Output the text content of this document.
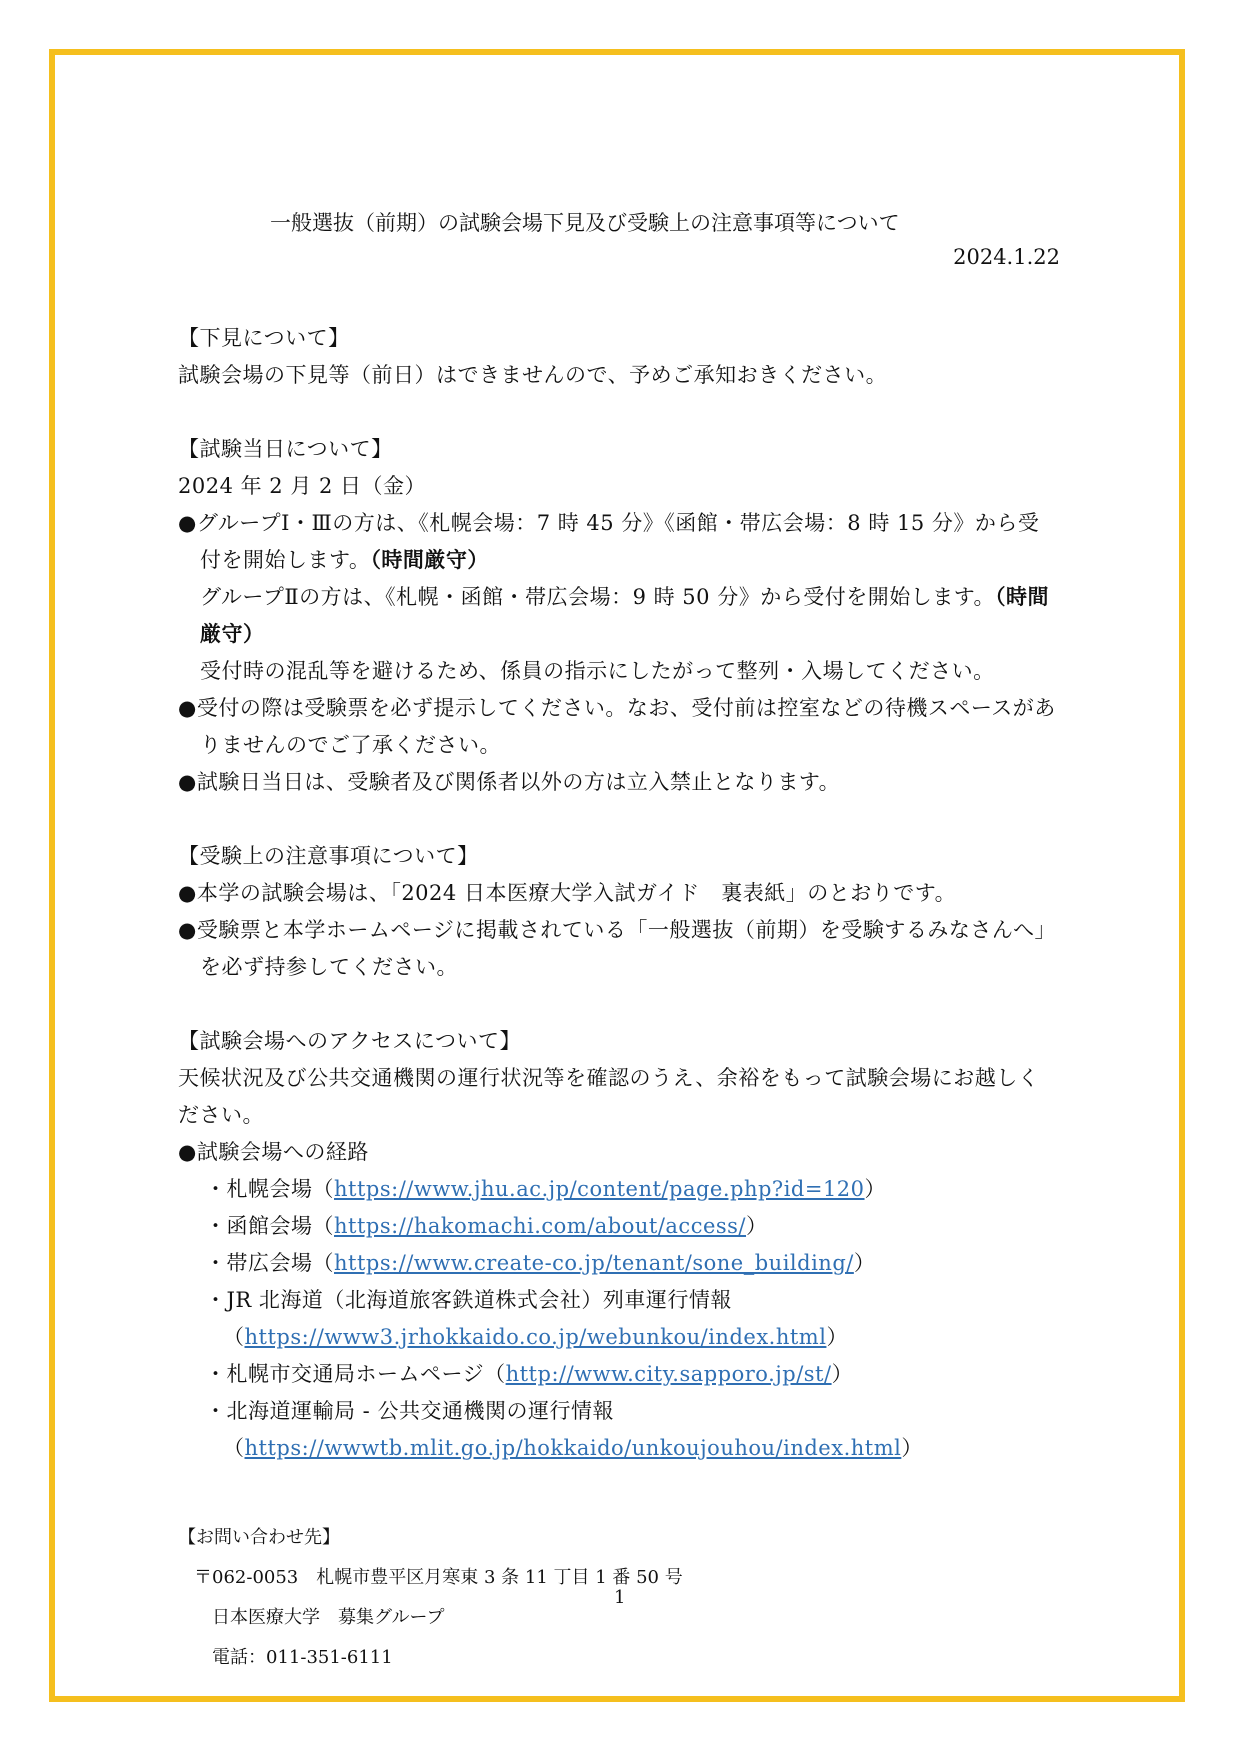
一般選抜（前期）の試験会場下見及び受験上の注意事項等について
2024.1.22

【下見について】

試験会場の下見等（前日）はできませんので、予めご承知おきください。

【試験当日について】

2024 年 2 月 2 日（金）

●グループⅠ・Ⅲの方は、《札幌会場：7 時 45 分》《函館・帯広会場：8 時 15 分》から受付を開始します。（時間厳守）

グループⅡの方は、《札幌・函館・帯広会場：9 時 50 分》から受付を開始します。（時間厳守）

受付時の混乱等を避けるため、係員の指示にしたがって整列・入場してください。

●受付の際は受験票を必ず提示してください。なお、受付前は控室などの待機スペースがありませんのでご了承ください。

●試験日当日は、受験者及び関係者以外の方は立入禁止となります。

【受験上の注意事項について】

●本学の試験会場は、「2024 日本医療大学入試ガイド　裏表紙」のとおりです。

●受験票と本学ホームページに掲載されている「一般選抜（前期）を受験するみなさんへ」を必ず持参してください。

【試験会場へのアクセスについて】

天候状況及び公共交通機関の運行状況等を確認のうえ、余裕をもって試験会場にお越しください。

●試験会場への経路

・札幌会場（https://www.jhu.ac.jp/content/page.php?id=120）

・函館会場（https://hakomachi.com/about/access/）

・帯広会場（https://www.create-co.jp/tenant/sone_building/）

・JR 北海道（北海道旅客鉄道株式会社）列車運行情報

（https://www3.jrhokkaido.co.jp/webunkou/index.html）

・札幌市交通局ホームページ（http://www.city.sapporo.jp/st/）

・北海道運輸局 - 公共交通機関の運行情報

（https://wwwtb.mlit.go.jp/hokkaido/unkoujouhou/index.html）

【お問い合わせ先】
〒062-0053　札幌市豊平区月寒東 3 条 11 丁目 1 番 50 号
日本医療大学　募集グループ
電話：011-351-6111
1
